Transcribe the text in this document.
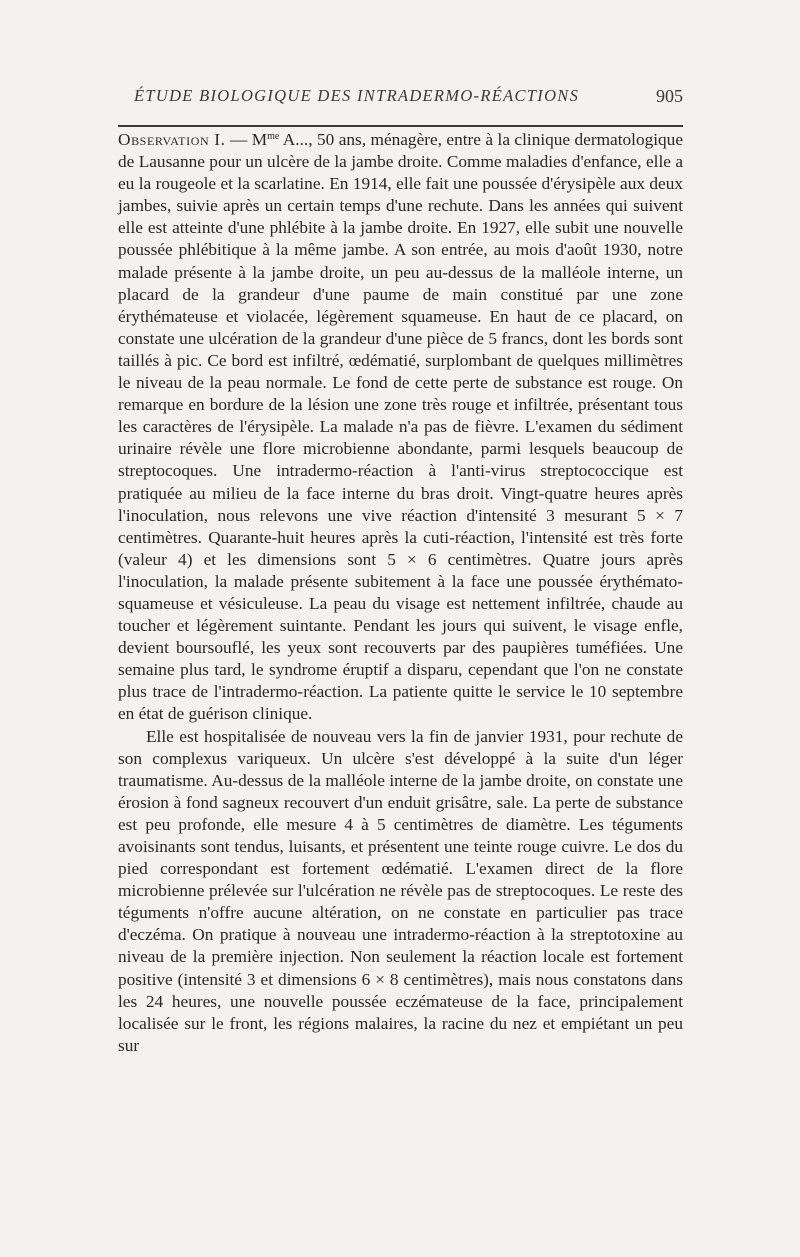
ÉTUDE BIOLOGIQUE DES INTRADERMO-RÉACTIONS	905

Observation I. — $M^{me}$ A..., 50 ans, ménagère, entre à la clinique dermatologique de Lausanne pour un ulcère de la jambe droite. Comme maladies d'enfance, elle a eu la rougeole et la scarlatine. En 1914, elle fait une poussée d'érysipèle aux deux jambes, suivie après un certain temps d'une rechute. Dans les années qui suivent elle est atteinte d'une phlébite à la jambe droite. En 1927, elle subit une nouvelle poussée phlébitique à la même jambe. A son entrée, au mois d'août 1930, notre malade présente à la jambe droite, un peu au-dessus de la malléole interne, un placard de la grandeur d'une paume de main constitué par une zone érythémateuse et violacée, légèrement squameuse. En haut de ce placard, on constate une ulcération de la grandeur d'une pièce de 5 francs, dont les bords sont taillés à pic. Ce bord est infiltré, œdématié, surplombant de quelques millimètres le niveau de la peau normale. Le fond de cette perte de substance est rouge. On remarque en bordure de la lésion une zone très rouge et infiltrée, présentant tous les caractères de l'érysipèle. La malade n'a pas de fièvre. L'examen du sédiment urinaire révèle une flore microbienne abondante, parmi lesquels beaucoup de streptocoques. Une intradermo-réaction à l'anti-virus streptococcique est pratiquée au milieu de la face interne du bras droit. Vingt-quatre heures après l'inoculation, nous relevons une vive réaction d'intensité 3 mesurant 5 × 7 centimètres. Quarante-huit heures après la cuti-réaction, l'intensité est très forte (valeur 4) et les dimensions sont 5 × 6 centimètres. Quatre jours après l'inoculation, la malade présente subitement à la face une poussée érythémato-squameuse et vésiculeuse. La peau du visage est nettement infiltrée, chaude au toucher et légèrement suintante. Pendant les jours qui suivent, le visage enfle, devient boursouflé, les yeux sont recouverts par des paupières tuméfiées. Une semaine plus tard, le syndrome éruptif a disparu, cependant que l'on ne constate plus trace de l'intradermo-réaction. La patiente quitte le service le 10 septembre en état de guérison clinique.

Elle est hospitalisée de nouveau vers la fin de janvier 1931, pour rechute de son complexus variqueux. Un ulcère s'est développé à la suite d'un léger traumatisme. Au-dessus de la malléole interne de la jambe droite, on constate une érosion à fond sagneux recouvert d'un enduit grisâtre, sale. La perte de substance est peu profonde, elle mesure 4 à 5 centimètres de diamètre. Les téguments avoisinants sont tendus, luisants, et présentent une teinte rouge cuivre. Le dos du pied correspondant est fortement œdématié. L'examen direct de la flore microbienne prélevée sur l'ulcération ne révèle pas de streptocoques. Le reste des téguments n'offre aucune altération, on ne constate en particulier pas trace d'eczéma. On pratique à nouveau une intradermo-réaction à la streptotoxine au niveau de la première injection. Non seulement la réaction locale est fortement positive (intensité 3 et dimensions 6 × 8 centimètres), mais nous constatons dans les 24 heures, une nouvelle poussée eczémateuse de la face, principalement localisée sur le front, les régions malaires, la racine du nez et empiétant un peu sur
